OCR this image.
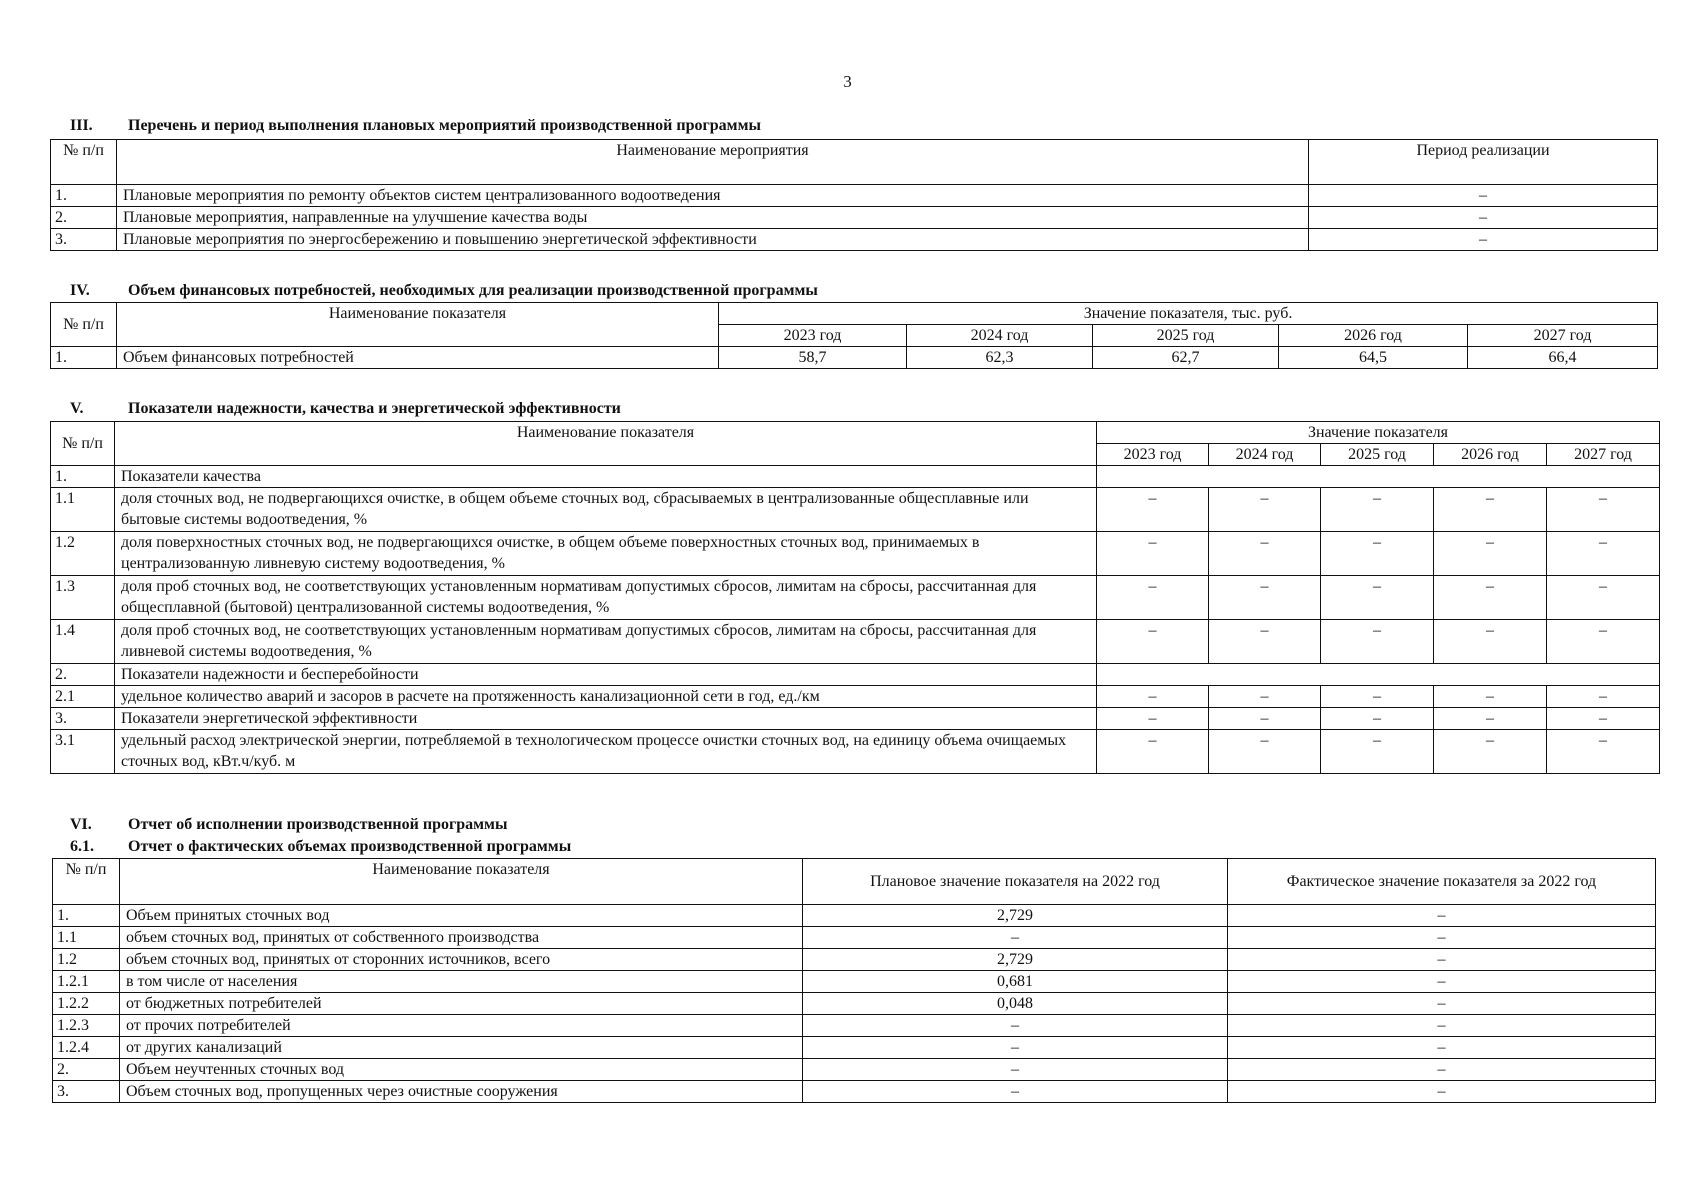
3
III. Перечень и период выполнения плановых мероприятий производственной программы
№ п/п	Наименование мероприятия	Период реализации
1.	Плановые мероприятия по ремонту объектов систем централизованного водоотведения	–
2.	Плановые мероприятия, направленные на улучшение качества воды	–
3.	Плановые мероприятия по энергосбережению и повышению энергетической эффективности	–
IV. Объем финансовых потребностей, необходимых для реализации производственной программы
№ п/п	Наименование показателя	Значение показателя, тыс. руб.				
		2023 год	2024 год	2025 год	2026 год	2027 год
1.	Объем финансовых потребностей	58,7	62,3	62,7	64,5	66,4
V.	Показатели надежности, качества и энергетической эффективности
№ п/п	Наименование показателя	Значение показателя				
		2023 год	2024 год	2025 год	2026 год	2027 год
1.	Показатели качества					
1.1	доля сточных вод, не подвергающихся очистке, в общем объеме сточных вод, сбрасываемых в централизованные общесплавные или бытовые системы водоотведения, %	–	–	–	–	–
1.2	доля поверхностных сточных вод, не подвергающихся очистке, в общем объеме поверхностных сточных вод, принимаемых в централизованную ливневую систему водоотведения, %	–	–	–	–	–
1.3	доля проб сточных вод, не соответствующих установленным нормативам допустимых сбросов, лимитам на сбросы, рассчитанная для общесплавной (бытовой) централизованной системы водоотведения, %	–	–	–	–	–
1.4	доля проб сточных вод, не соответствующих установленным нормативам допустимых сбросов, лимитам на сбросы, рассчитанная для ливневой системы водоотведения, %	–	–	–	–	–
2.	Показатели надежности и бесперебойности					
2.1	удельное количество аварий и засоров в расчете на протяженность канализационной сети в год, ед./км	–	–	–	–	–
3.	Показатели энергетической эффективности	–	–	–	–	–
3.1	удельный расход электрической энергии, потребляемой в технологическом процессе очистки сточных вод, на единицу объема очищаемых сточных вод, кВт.ч/куб. м	–	–	–	–	–
VI. Отчет об исполнении производственной программы
6.1. Отчет о фактических объемах производственной программы
№ п/п	Наименование показателя	Плановое значение показателя на 2022 год	Фактическое значение показателя за 2022 год
1.	Объем принятых сточных вод	2,729	–
1.1	объем сточных вод, принятых от собственного производства	–	–
1.2	объем сточных вод, принятых от сторонних источников, всего	2,729	–
1.2.1	в том числе от населения	0,681	–
1.2.2	от бюджетных потребителей	0,048	–
1.2.3	от прочих потребителей	–	–
1.2.4	от других канализаций	–	–
2.	Объем неучтенных сточных вод	–	–
3.	Объем сточных вод, пропущенных через очистные сооружения	–	–
